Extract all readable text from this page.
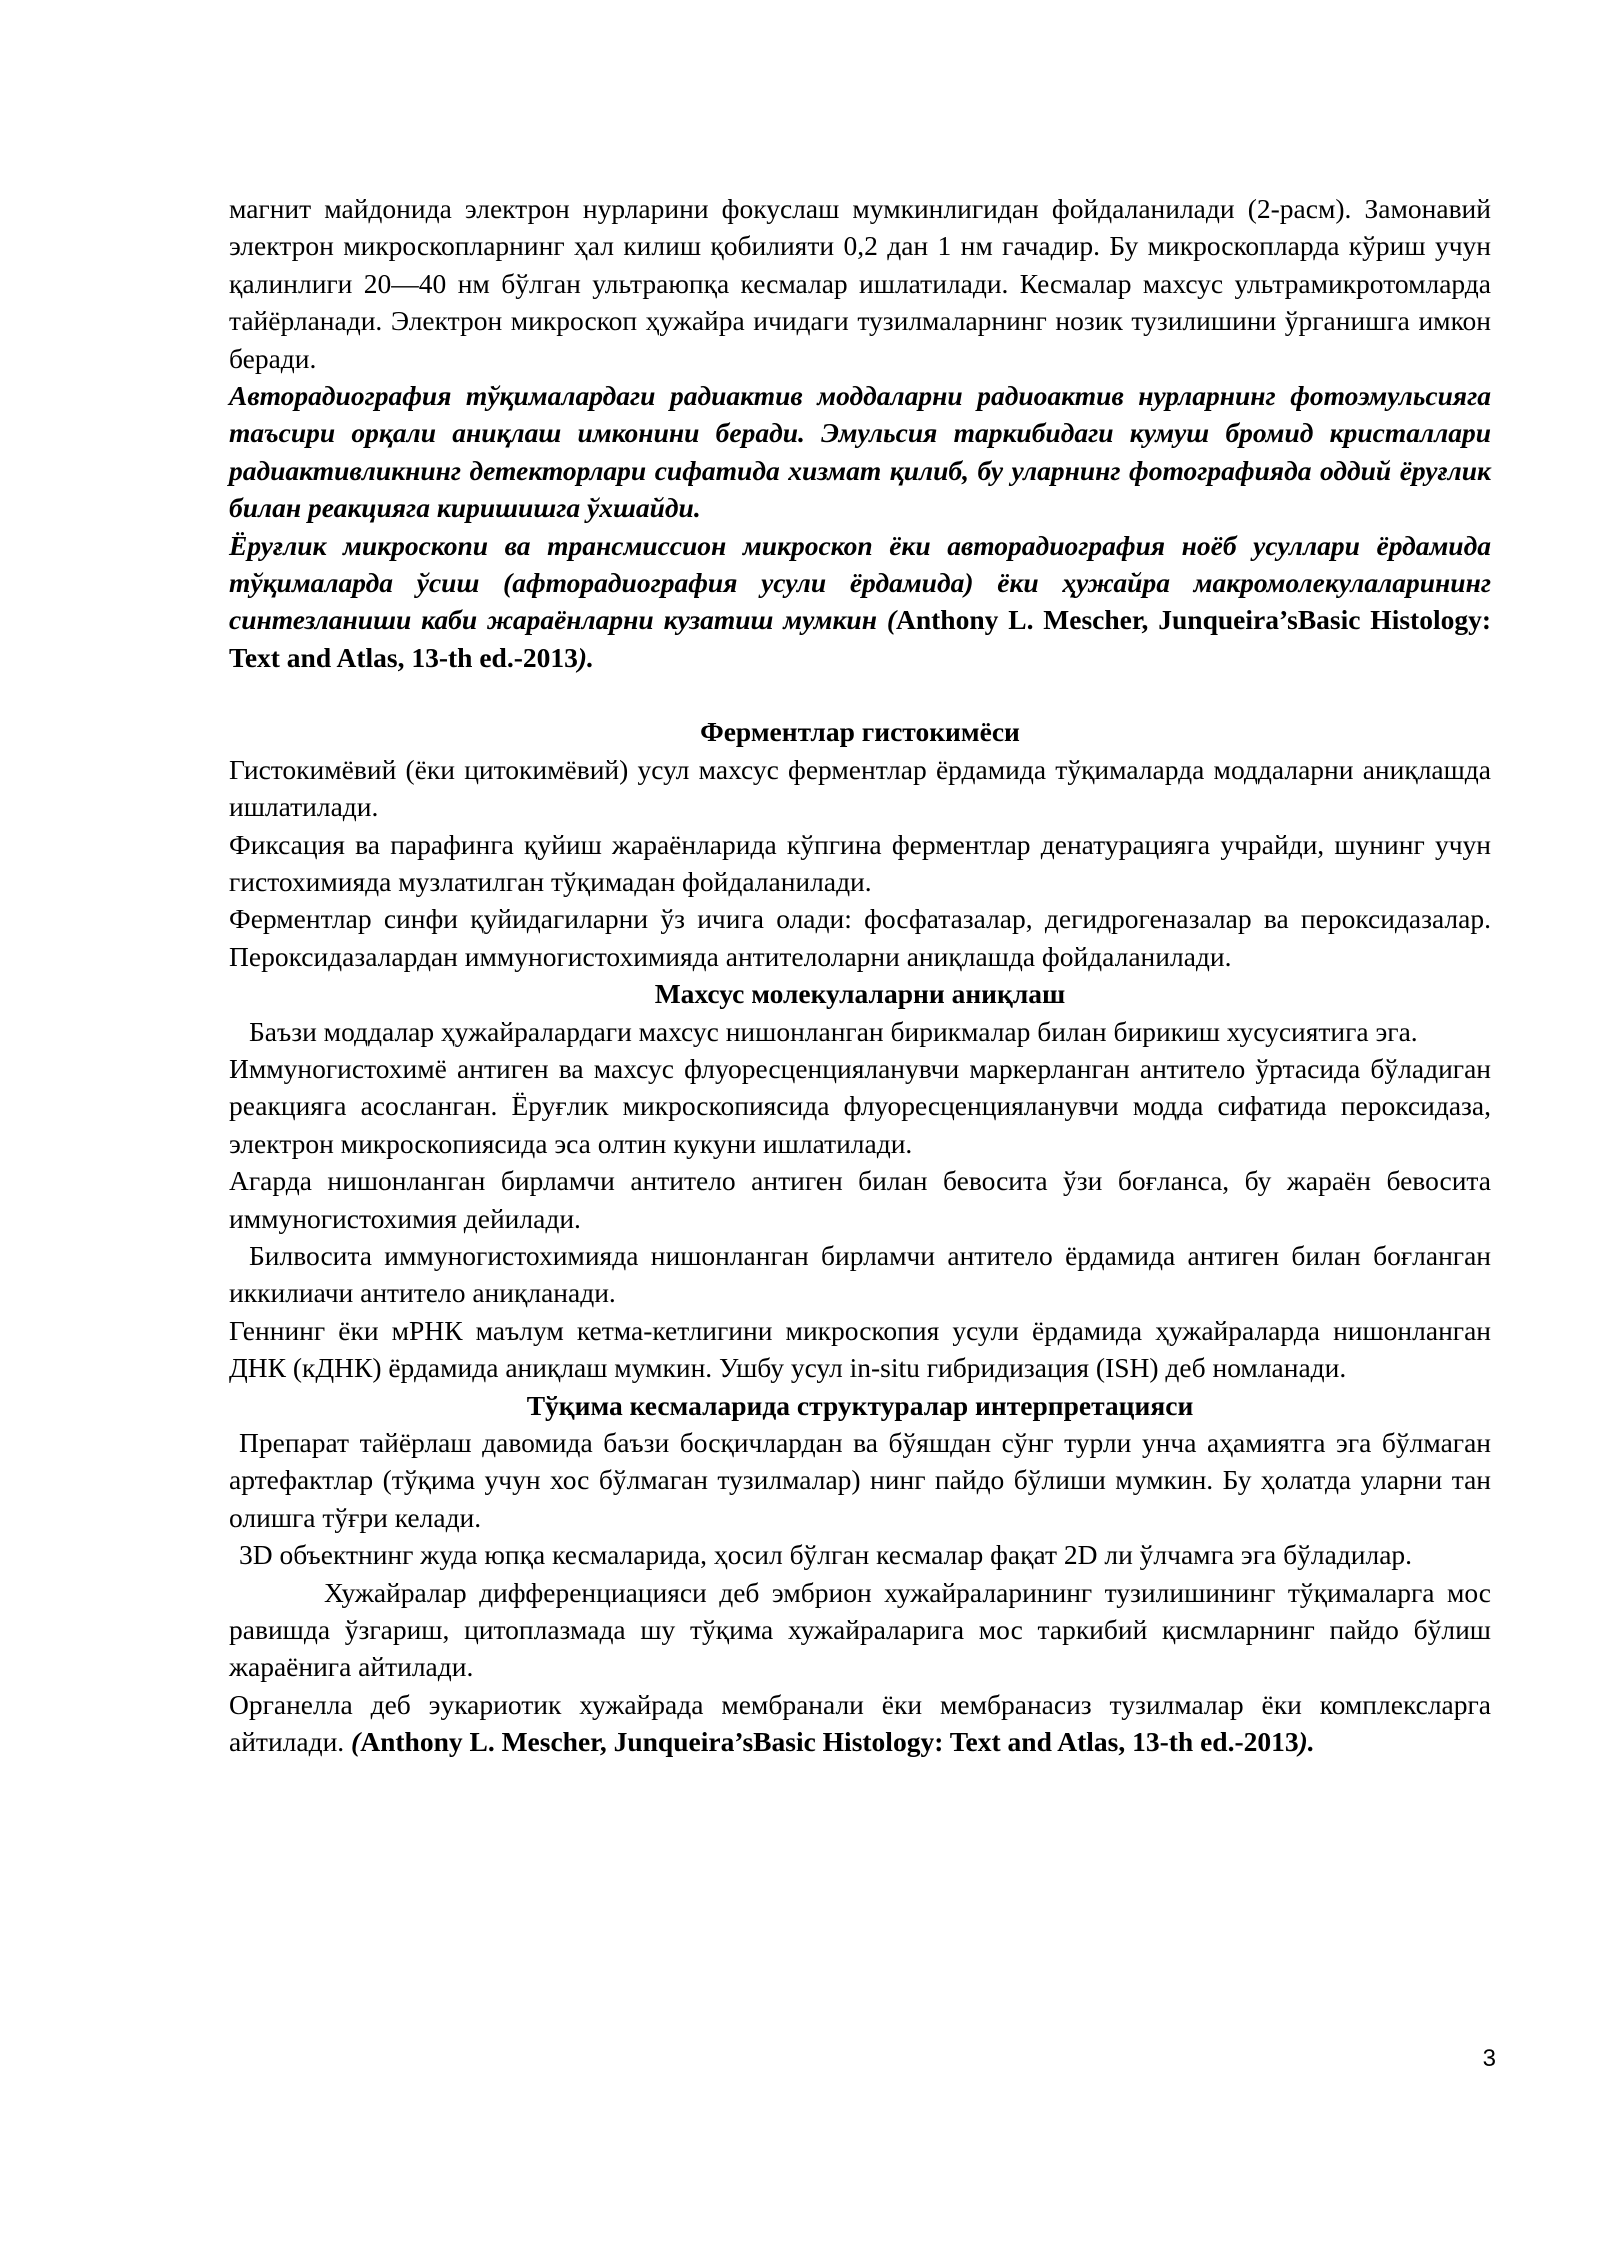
магнит майдонида электрон нурларини фокуслаш мумкинлигидан фойдаланилади (2-расм). Замонавий электрон микроскопларнинг ҳал килиш қобилияти 0,2 дан 1 нм гачадир. Бу микроскопларда кўриш учун қалинлиги 20—40 нм бўлган ультраюпқа кесмалар ишлатилади. Кесмалар махсус ультрамикротомларда тайёрланади. Электрон микроскоп ҳужайра ичидаги тузилмаларнинг нозик тузилишини ўрганишга имкон беради.

Авторадиография тўқималардаги радиактив моддаларни радиоактив нурларнинг фотоэмульсияга таъсири орқали аниқлаш имконини беради. Эмульсия таркибидаги кумуш бромид кристаллари радиактивликнинг детекторлари сифатида хизмат қилиб, бу уларнинг фотографияда оддий ёруғлик билан реакцияга киришишга ўхшайди.

Ёруғлик микроскопи ва трансмиссион микроскоп ёки авторадиография ноёб усуллари ёрдамида тўқималарда ўсиш (афторадиография усули ёрдамида) ёки ҳужайра макромолекулаларининг синтезланиши каби жараёнларни кузатиш мумкин (Anthony L. Mescher, Junqueira’sBasic Histology: Text and Atlas, 13-th ed.-2013).

Ферментлар гистокимёси

Гистокимёвий (ёки цитокимёвий) усул махсус ферментлар ёрдамида тўқималарда моддаларни аниқлашда ишлатилади.

Фиксация ва парафинга қуйиш жараёнларида кўпгина ферментлар денатурацияга учрайди, шунинг учун гистохимияда музлатилган тўқимадан фойдаланилади.

Ферментлар синфи қуйидагиларни ўз ичига олади: фосфатазалар, дегидрогеназалар ва пероксидазалар. Пероксидазалардан иммуногистохимияда антителоларни аниқлашда фойдаланилади.

Махсус молекулаларни аниқлаш

Баъзи моддалар ҳужайралардаги махсус нишонланган бирикмалар билан бирикиш хусусиятига эга.

Иммуногистохимё антиген ва махсус флуоресценцияланувчи маркерланган антитело ўртасида бўладиган реакцияга асосланган. Ёруғлик микроскопиясида флуоресценцияланувчи модда сифатида пероксидаза, электрон микроскопиясида эса олтин кукуни ишлатилади.

Агарда нишонланган бирламчи антитело антиген билан бевосита ўзи боғланса, бу жараён бевосита иммуногистохимия дейилади.

Билвосита иммуногистохимияда нишонланган бирламчи антитело ёрдамида антиген билан боғланган иккилиачи антитело аниқланади.

Геннинг ёки мРНК маълум кетма-кетлигини микроскопия усули ёрдамида ҳужайраларда нишонланган ДНК (кДНК) ёрдамида аниқлаш мумкин. Ушбу усул in-situ гибридизация (ISH) деб номланади.

Тўқима кесмаларида структуралар интерпретацияси

Препарат тайёрлаш давомида баъзи босқичлардан ва бўяшдан сўнг турли унча аҳамиятга эга бўлмаган артефактлар (тўқима учун хос бўлмаган тузилмалар) нинг пайдо бўлиши мумкин. Бу ҳолатда уларни тан олишга тўғри келади.

3D объектнинг жуда юпқа кесмаларида, ҳосил бўлган кесмалар фақат 2D ли ўлчамга эга бўладилар.

Хужайралар дифференциацияси деб эмбрион хужайраларининг тузилишининг тўқималарга мос равишда ўзгариш, цитоплазмада шу тўқима хужайраларига мос таркибий қисмларнинг пайдо бўлиш жараёнига айтилади.

Органелла деб эукариотик хужайрада мембранали ёки мембранасиз тузилмалар ёки комплексларга айтилади. (Anthony L. Mescher, Junqueira’sBasic Histology: Text and Atlas, 13-th ed.-2013).

3
